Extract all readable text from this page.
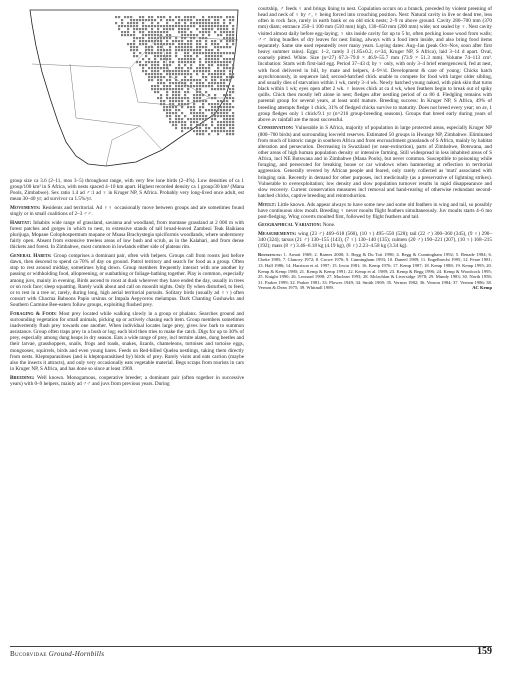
group size ca 3.6 (2–11, mos 3–5) throughout range, with very few lone birds (2–4%). Low densities of ca 1 group/100 km² in S Africa, with nests spaced 4–10 km apart. Highest recorded density ca 1 group/30 km² (Mana Pools, Zimbabwe). Sex ratio 1.4 ad ♂:1 ad ♀ in Kruger NP, S Africa. Probably very long-lived once adult, est mean 30–40 yr; ad survivor ca 1.5%/yr.

Movements: Residents and territorial. Ad ♀♀ occasionally move between groups and are sometimes found singly or in small coalitions of 2–3 ♂♂.

Habitat: Inhabits wide range of grassland, savanna and woodland, from montane grassland at 2 000 m with forest patches and gorges in which to nest, to extensive stands of tall broad-leaved Zambezi Teak Baikiaea plurijuga, Mopane Colophospermum mopane or Msasa Brachystegia spiciformis woodlands, where understorey fairly open. Absent from extensive treeless areas of low bush and scrub, as in the Kalahari, and from dense thickets and forest. In Zimbabwe, most common in lowlands either side of plateau rim.

General Habits: Group comprises a dominant pair, often with helpers. Groups call from roosts just before dawn, then descend to spend ca 70% of day on ground. Patrol territory and search for food as a group. Often stop to rest around midday, sometimes lying down. Group members frequently interact with one another by passing or withholding food, allopreening, or sunbathing or foliage-bathing together. Play is common, especially among juvs, mainly in evening. Birds ascend to roost at dusk wherever they have ended the day, usually in trees or on rock face; sleep squatting. Rarely walk about and call on moonlit nights. Only fly when disturbed, to feed, or to rest in a tree or, rarely, during long, high aerial territorial pursuits. Solitary birds (usually ad ♀♀) often consort with Chacma Baboons Papio ursinus or Impala Aepyceros melampus. Dark Chanting Goshawks and Southern Carmine Bee-eaters follow groups, exploiting flushed prey.

Foraging & Food: Most prey located while walking slowly in a group or phalanx. Searches ground and surrounding vegetation for small animals, picking up or actively chasing each item. Group members sometimes inadvertently flush prey towards one another. When individual locates large prey, gives low bark to summon assistance. Group often traps prey in a bush or log; each bird then tries to make the catch. Digs for up to 30% of prey, especially among dung heaps in dry season. Eats a wide range of prey, incl termite alates, dung beetles and their larvae, grasshoppers, snails, frogs and toads, snakes, lizards, chameleons, tortoises and tortoise eggs, mongooses, squirrels, birds and even young hares. Feeds on Red-billed Quelea nestlings, taking them directly from nests. Kleptoparasitises (and is kleptoparasitised by) birds of prey. Rarely visits and eats carrion (maybe also the insects it attracts), and only very occasionally eats vegetable material. Begs scraps from tourists in cars in Kruger NP, S Africa, and has done so since at least 1969.

Breeding: Well known. Monogamous, cooperative breeder; a dominant pair (often together in successive years) with 0–9 helpers, mainly ad ♂♂ and juvs from previous years. During

courtship, ♂ feeds ♀ and brings lining to nest. Copulation occurs on a branch, preceded by violent preening of head and neck of ♀ by ♂, ♀ being forced into crouching position. Nest: Natural cavity in live or dead tree, less often in rock face, rarely in earth bank or on old stick nests; 2–9 m above ground. Cavity 280–700 mm (370 mm) diam; entrance 250–1 100 mm (510 mm) high, 130–650 mm (200 mm) wide; not sealed by ♀. Nest cavity visited almost daily before egg-laying; ♀ sits inside cavity for up to 5 hr, often pecking loose wood from walls; ♂♂ bring bundles of dry leaves for nest lining, always with a food item inside, and also bring food items separately. Same site used repeatedly over many years. Laying dates: Aug–Jan (peak Oct–Nov, soon after first heavy summer rains). Eggs: 1–2, rarely 3 (1.85±0.2, n=34, Kruger NP, S Africa), laid 3–14 d apart. Oval, coarsely pitted. White. Size (n=27) 67.3–79.0 × 46.9–55.7 mm (73.9 × 51.3 mm). Volume 74–113 cm³. Incubation: Starts with first-laid egg. Period 37–43 d; by ♀ only, with only 3–4 brief emergences/d, fed at nest, with food delivered in bill, by mate and helpers, 4–9×/d. Development & care of young: Chicks hatch asynchronously, in sequence laid; second-hatched chick unable to compete for food with larger older sibling, and usually dies of starvation within 1 wk, rarely 3–4 wk. Newly hatched young naked, with pink skin that turns black within 1 wk; eyes open after 2 wk. ♀ leaves chick at ca 4 wk, when feathers begin to break out of spiky quills. Chick then mostly left alone in nest; fledges after nestling period of ca 86 d. Fledgling remains with parental group for several years, at least until mature. Breeding success: In Kruger NP, S Africa, 49% of breeding attempts fledge 1 chick, 31% of fledged chicks survive to maturity. Does not breed every year; on av, 1 group fledges only 1 chick/9.1 yr (n=216 group-breeding seasons). Groups that breed early during years of above av rainfall are the most successful.

Conservation: Vulnerable in S Africa, majority of population in large protected areas, especially Kruger NP (800–700 birds) and surrounding lowveld reserves. Estimated 50 groups in Hwange NP, Zimbabwe. Eliminated from much of historic range in southern Africa and from encroachment grasslands of S Africa, mainly by habitat alteration and persecution. Decreasing in Swaziland (or near-extinction), parts of Zimbabwe, Botswana, and other areas of high human population density or intensive farming. Still widespread in less inhabited areas of S Africa, incl NE Botswana and in Zimbabwe (Mana Pools), but never common. Susceptible to poisoning while foraging, and persecuted for breaking house or car windows when hammering at reflection in territorial aggression. Generally revered by African people and feared, only rarely collected as 'muti' associated with bringing rain. Recently in demand for other purposes, incl medicinally (as a preservative of lightning strikes). Vulnerable to overexploitation; low density and slow population turnover results in rapid disappearance and slow recovery. Current conservation measures incl removal and hand-rearing of otherwise redundant second-hatched chicks, captive breeding and reintroduction.

Moult: Little known. Ads appear always to have some new and some old feathers in wing and tail, so possibly have continuous slow moult. Breeding ♀ never moults flight feathers simultaneously. Juv moults starts 4–6 mo post-fledging. Wing coverts moulted first, followed by flight feathers and tail.

Geographical Variation: None.

Measurements: wing (23 ♂) 469–618 (560), (10 ♀) 495–550 (528); tail (22 ♂) 300–360 (345), (9 ♀) 290–340 (324); tarsus (21 ♂) 130–155 (143), (7 ♀) 130–140 (135); culmen (20 ♂) 190–221 (207), (10 ♀) 168–215 (192); mass (8 ♂) 3.46–6.18 kg (4.19 kg), (8 ♀) 2.23–4.58 kg (3.34 kg).

References: 1. Arnott 1969; 2. Barnes 2000; 3. Begg & Du Toit 1990; 4. Begg & Cunningham 1992; 5. Benade 1984; 6. Cheke 1985; 7. Clancey 1972; 8. Crowe 1976; 9. Cunningham 1993; 10. Daneel 1989; 11. Engelbrecht 1995; 12. Feare 1981; 13. Hall 1986; 14. Harrison et al. 1997; 15. Irwin 1981; 16. Kemp 1976; 17. Kemp 1987; 18. Kemp 1988; 19. Kemp 1995; 20. Kemp & Kemp 1980; 21. Kemp & Kemp 1991; 22. Kemp et al. 1989; 23. Kemp & Begg 1996; 24. Kemp & Woodcock 1995; 25. Knight 1990; 26. Leonard 1998; 27. Maclean 1993; 28. Mclachlan & Liversidge 1978; 29. Mundy 1983; 30. North 1958; 31. Parker 1999; 32. Parker 1981; 33. Plowes 1949; 34. Smith 1969; 35. Vernon 1982; 36. Vernon 1984; 37. Vernon 1986; 38. Vernon & Dean 1975; 39. Whitnall 1989.	AC Kemp

Bucorvidae Ground-Hornbills	159
